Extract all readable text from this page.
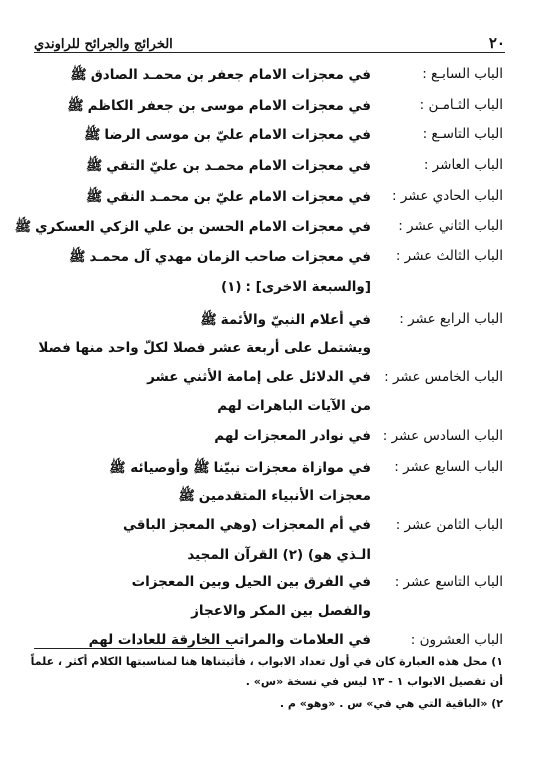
٢٠
الخرائج والجرائح للراوندي
الباب السابـع :
في معجزات الامام جعفر بن محمـد الصادقﷺ
الباب الثـامـن :
في معجزات الامام موسى بن جعفر الكاظمﷺ
الباب التاسـع :
في معجزات الامام عليّ بن موسى الرضاﷺ
الباب العاشر :
في معجزات الامام محمـد بن عليّ التقيﷺ
الباب الحادي عشر :
في معجزات الامام عليّ بن محمـد النقيﷺ
الباب الثاني عشر :
في معجزات الامام الحسن بن علي الزكي العسكريﷺ
الباب الثالث عشر :
في معجزات صاحب الزمان مهدي آل محمـدﷺ
[والسبعة الاخرى] :(١)
الباب الرابع عشر :
في أعلام النبيّ والأئمةﷺ
ويشتمل على أربعة عشر فصلا لكلّ واحد منها فصلا
الباب الخامس عشر :
في الدلائل على إمامة الأثني عشر
من الآيات الباهرات لهم
الباب السادس عشر :
في نوادر المعجزات لهم
الباب السابع عشر :
في موازاة معجزات نبيّناﷺ وأوصيائه ﷺ
معجزات الأنبياء المتقدمينﷺ
الباب الثامن عشر :
في أم المعجزات (وهي المعجز الباقي
الـذي هو) (٢) القرآن المجيد
الباب التاسع عشر :
في الفرق بين الحيل وبين المعجزات
والفصل بين المكر والاعجاز
الباب العشرون :
في العلامات والمراتب الخارقة للعادات لهم
١) محل هذه العبارة كان في أول تعداد الابواب ، فأثبتناها هنا لمناسبتها الكلام أكثر ، علماً
أن تفصيل الابواب ١ - ١٣ ليس في نسخة «س» .
٢) «الباقية التي هي في» س . «وهو» م .
